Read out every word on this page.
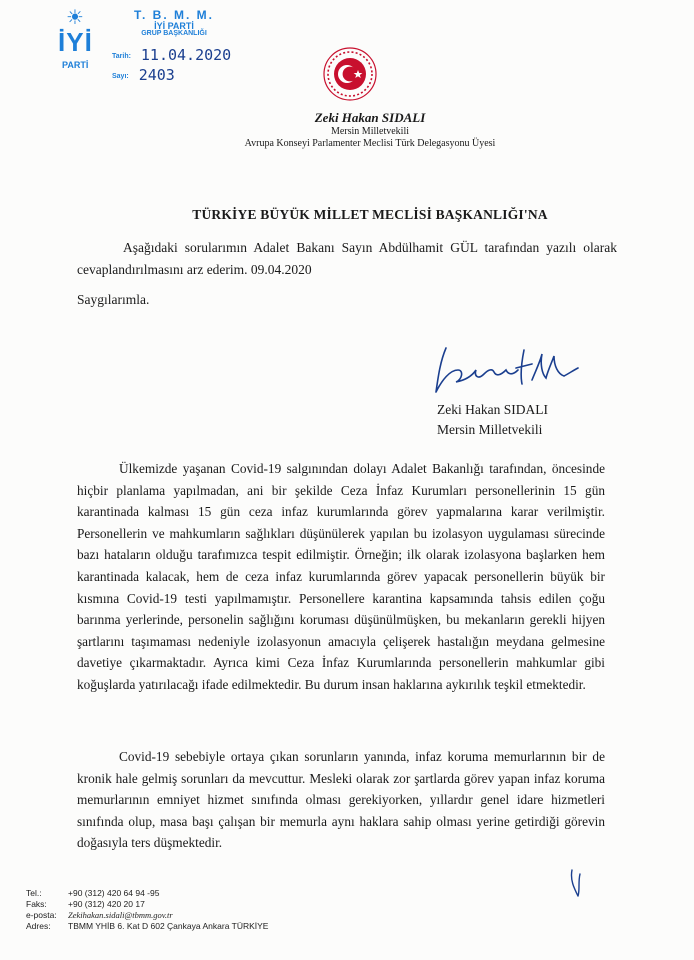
☀
İYİ
PARTİ
T. B. M. M.
İYİ PARTİ
GRUP BAŞKANLIĞI
Tarih: 11.04.2020
Sayı: 2403
Zeki Hakan SIDALI
Mersin Milletvekili
Avrupa Konseyi Parlamenter Meclisi Türk Delegasyonu Üyesi
TÜRKİYE BÜYÜK MİLLET MECLİSİ BAŞKANLIĞI'NA
Aşağıdaki sorularımın Adalet Bakanı Sayın Abdülhamit GÜL tarafından yazılı olarak cevaplandırılmasını arz ederim. 09.04.2020
Saygılarımla.
Zeki Hakan SIDALI
Mersin Milletvekili
Ülkemizde yaşanan Covid-19 salgınından dolayı Adalet Bakanlığı tarafından, öncesinde hiçbir planlama yapılmadan, ani bir şekilde Ceza İnfaz Kurumları personellerinin 15 gün karantinada kalması 15 gün ceza infaz kurumlarında görev yapmalarına karar verilmiştir. Personellerin ve mahkumların sağlıkları düşünülerek yapılan bu izolasyon uygulaması sürecinde bazı hataların olduğu tarafımızca tespit edilmiştir. Örneğin; ilk olarak izolasyona başlarken hem karantinada kalacak, hem de ceza infaz kurumlarında görev yapacak personellerin büyük bir kısmına Covid-19 testi yapılmamıştır. Personellere karantina kapsamında tahsis edilen çoğu barınma yerlerinde, personelin sağlığını koruması düşünülmüşken, bu mekanların gerekli hijyen şartlarını taşımaması nedeniyle izolasyonun amacıyla çelişerek hastalığın meydana gelmesine davetiye çıkarmaktadır. Ayrıca kimi Ceza İnfaz Kurumlarında personellerin mahkumlar gibi koğuşlarda yatırılacağı ifade edilmektedir. Bu durum insan haklarına aykırılık teşkil etmektedir.
Covid-19 sebebiyle ortaya çıkan sorunların yanında, infaz koruma memurlarının bir de kronik hale gelmiş sorunları da mevcuttur. Mesleki olarak zor şartlarda görev yapan infaz koruma memurlarının emniyet hizmet sınıfında olması gerekiyorken, yıllardır genel idare hizmetleri sınıfında olup, masa başı çalışan bir memurla aynı haklara sahip olması yerine getirdiği görevin doğasıyla ters düşmektedir.
Tel.:	+90 (312) 420 64 94 -95
Faks: +90 (312) 420 20 17
e-posta: Zekihakan.sidali@tbmm.gov.tr
Adres: TBMM YHİB 6. Kat D 602 Çankaya Ankara TÜRKİYE
